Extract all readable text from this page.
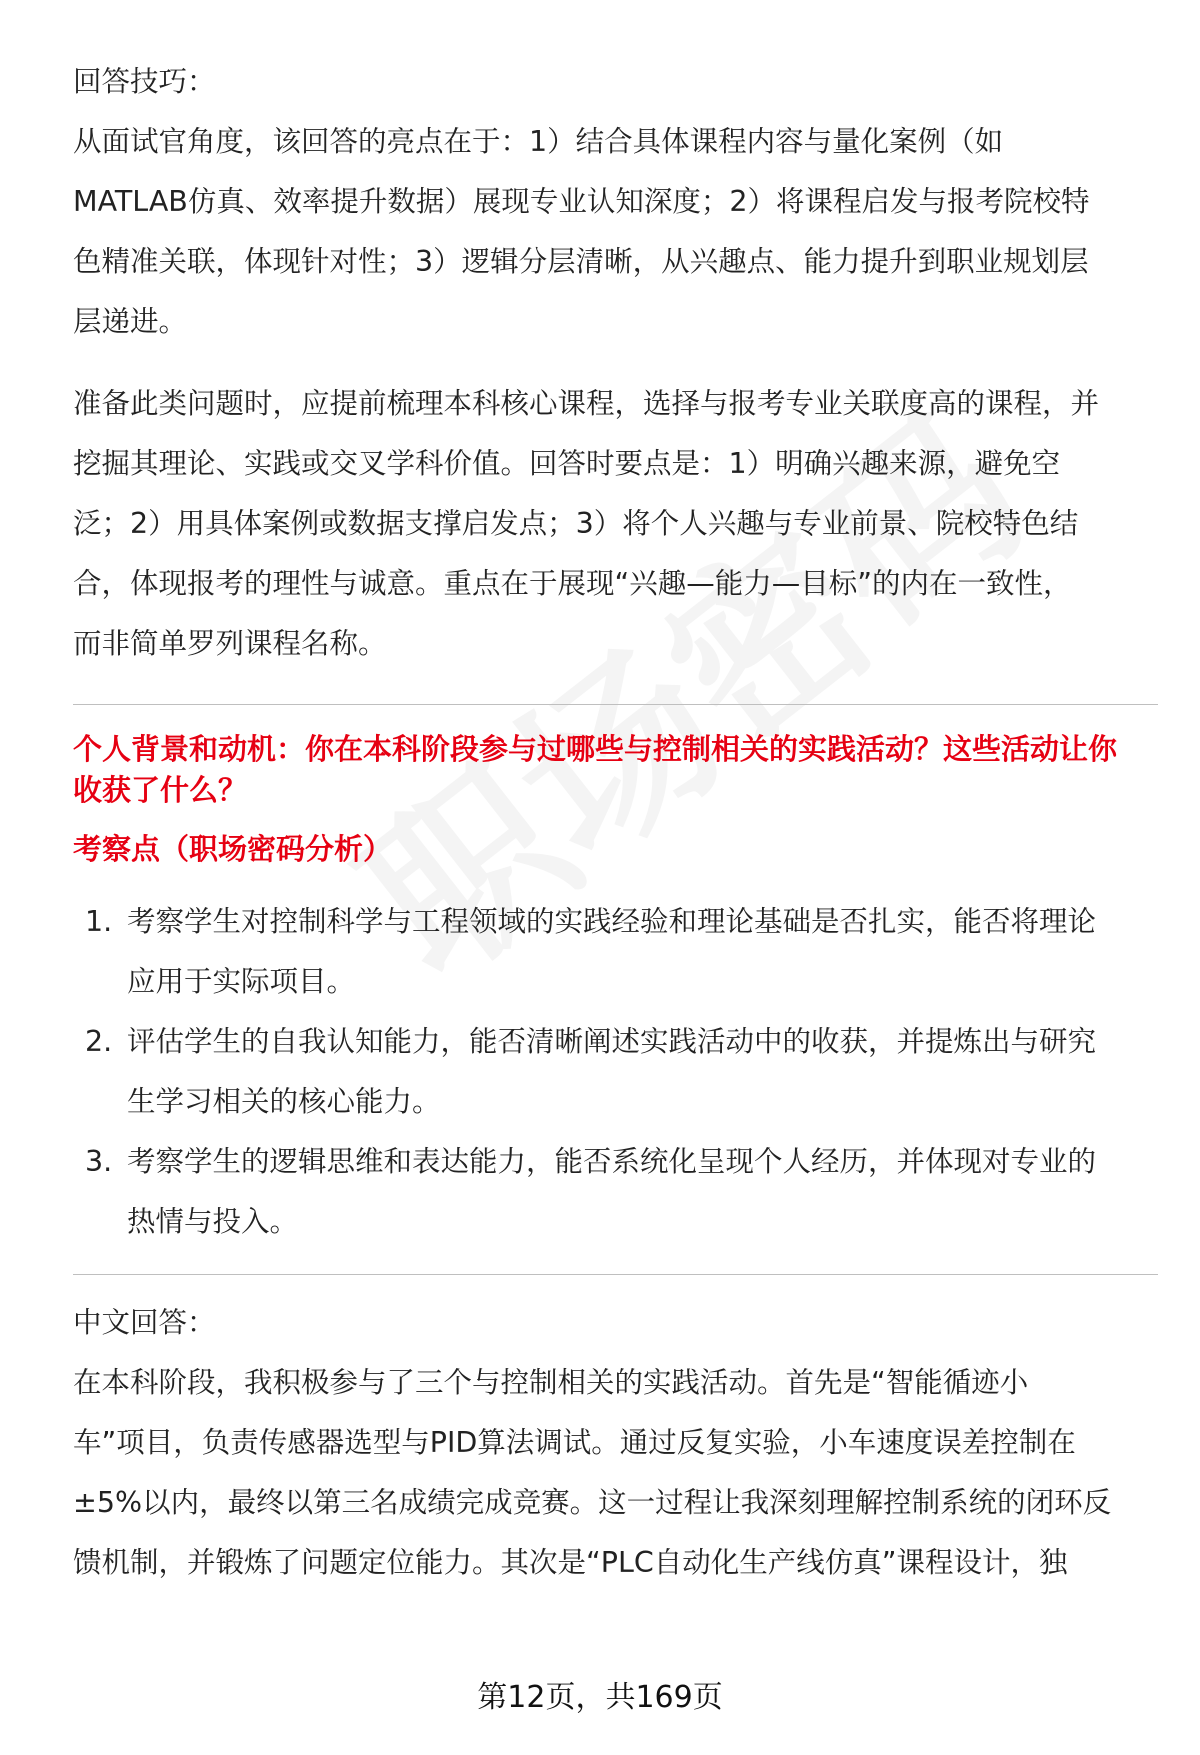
回答技巧：

从面试官角度，该回答的亮点在于：1）结合具体课程内容与量化案例（如

MATLAB仿真、效率提升数据）展现专业认知深度；2）将课程启发与报考院校特

色精准关联，体现针对性；3）逻辑分层清晰，从兴趣点、能力提升到职业规划层

层递进。

准备此类问题时，应提前梳理本科核心课程，选择与报考专业关联度高的课程，并

挖掘其理论、实践或交叉学科价值。回答时要点是：1）明确兴趣来源，避免空

泛；2）用具体案例或数据支撑启发点；3）将个人兴趣与专业前景、院校特色结

合，体现报考的理性与诚意。重点在于展现“兴趣—能力—目标”的内在一致性，

而非简单罗列课程名称。

个人背景和动机：你在本科阶段参与过哪些与控制相关的实践活动？这些活动让你
收获了什么？
考察点（职场密码分析）
1. 考察学生对控制科学与工程领域的实践经验和理论基础是否扎实，能否将理论
应用于实际项目。
2. 评估学生的自我认知能力，能否清晰阐述实践活动中的收获，并提炼出与研究
生学习相关的核心能力。
3. 考察学生的逻辑思维和表达能力，能否系统化呈现个人经历，并体现对专业的
热情与投入。

中文回答：

在本科阶段，我积极参与了三个与控制相关的实践活动。首先是“智能循迹小

车”项目，负责传感器选型与PID算法调试。通过反复实验，小车速度误差控制在

±5%以内，最终以第三名成绩完成竞赛。这一过程让我深刻理解控制系统的闭环反

馈机制，并锻炼了问题定位能力。其次是“PLC自动化生产线仿真”课程设计，独

第12页，共169页
